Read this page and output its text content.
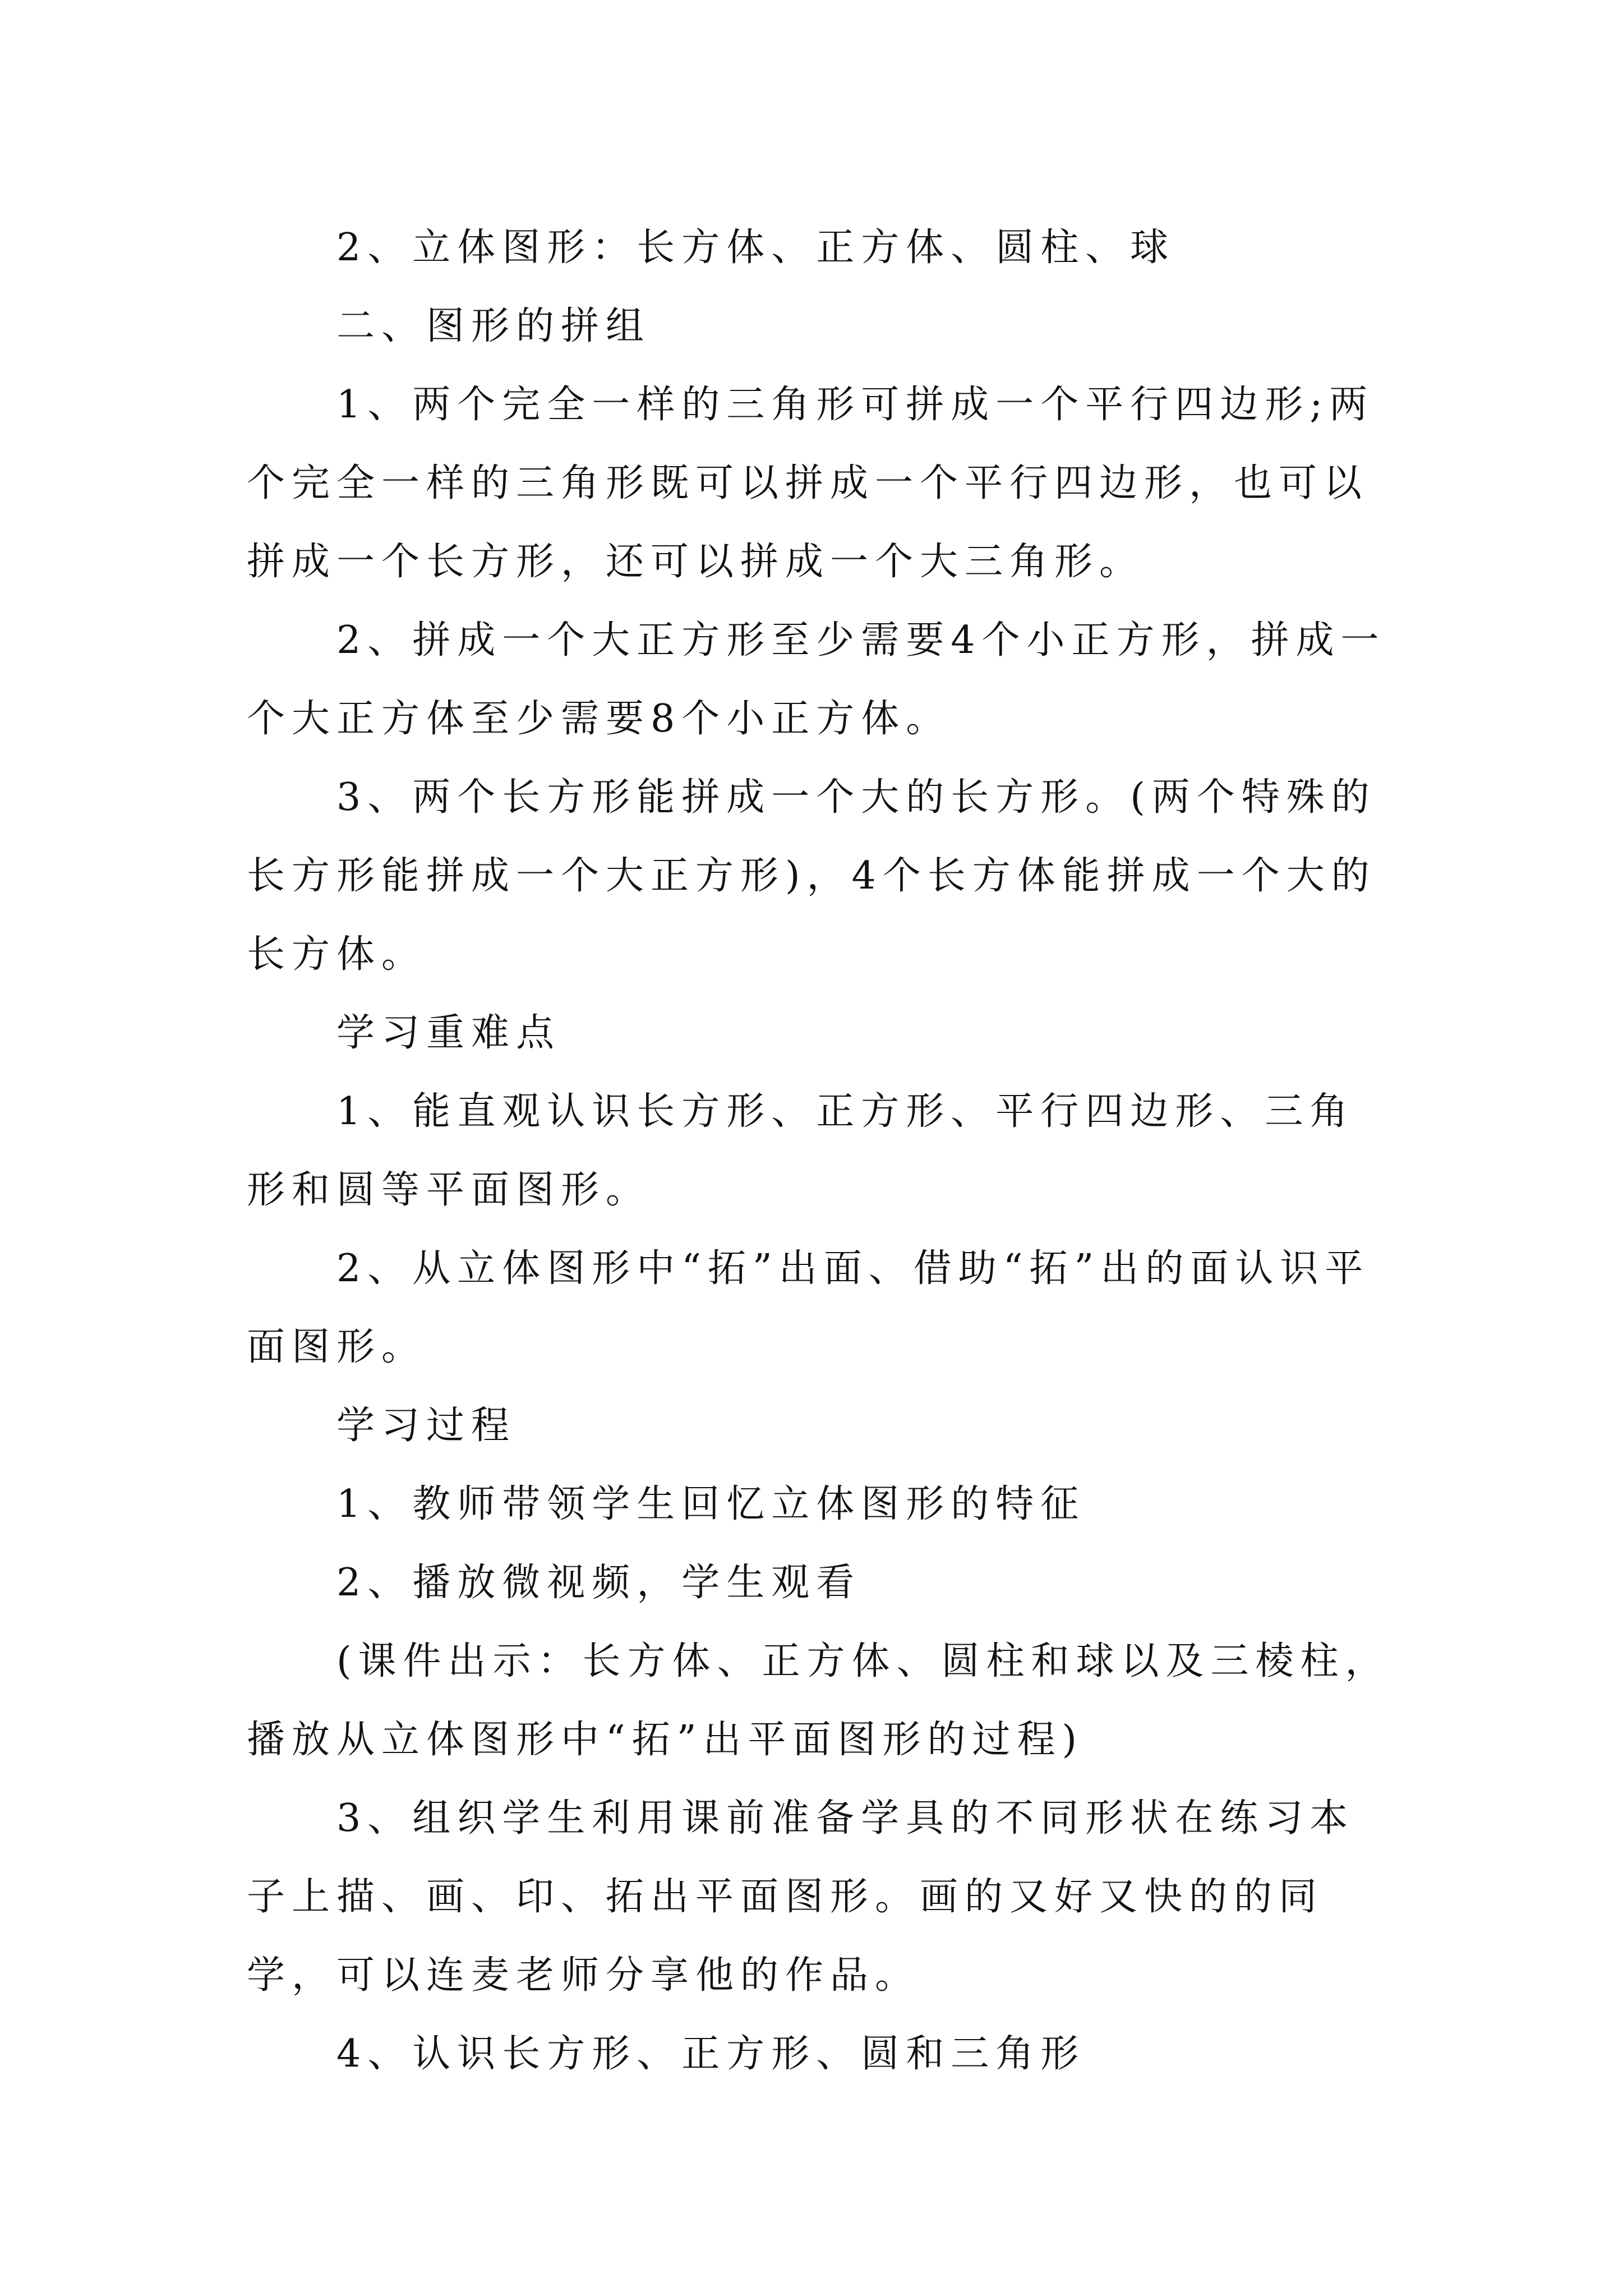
2、立体图形：长方体、正方体、圆柱、球

二、图形的拼组

1、两个完全一样的三角形可拼成一个平行四边形;两个完全一样的三角形既可以拼成一个平行四边形，也可以拼成一个长方形，还可以拼成一个大三角形。

2、拼成一个大正方形至少需要4个小正方形，拼成一个大正方体至少需要8个小正方体。

3、两个长方形能拼成一个大的长方形。(两个特殊的长方形能拼成一个大正方形)，4个长方体能拼成一个大的长方体。

学习重难点

1、能直观认识长方形、正方形、平行四边形、三角形和圆等平面图形。

2、从立体图形中“拓”出面、借助“拓”出的面认识平面图形。

学习过程

1、教师带领学生回忆立体图形的特征

2、播放微视频，学生观看

(课件出示：长方体、正方体、圆柱和球以及三棱柱，播放从立体图形中“拓”出平面图形的过程)

3、组织学生利用课前准备学具的不同形状在练习本子上描、画、印、拓出平面图形。画的又好又快的的同学，可以连麦老师分享他的作品。

4、认识长方形、正方形、圆和三角形
